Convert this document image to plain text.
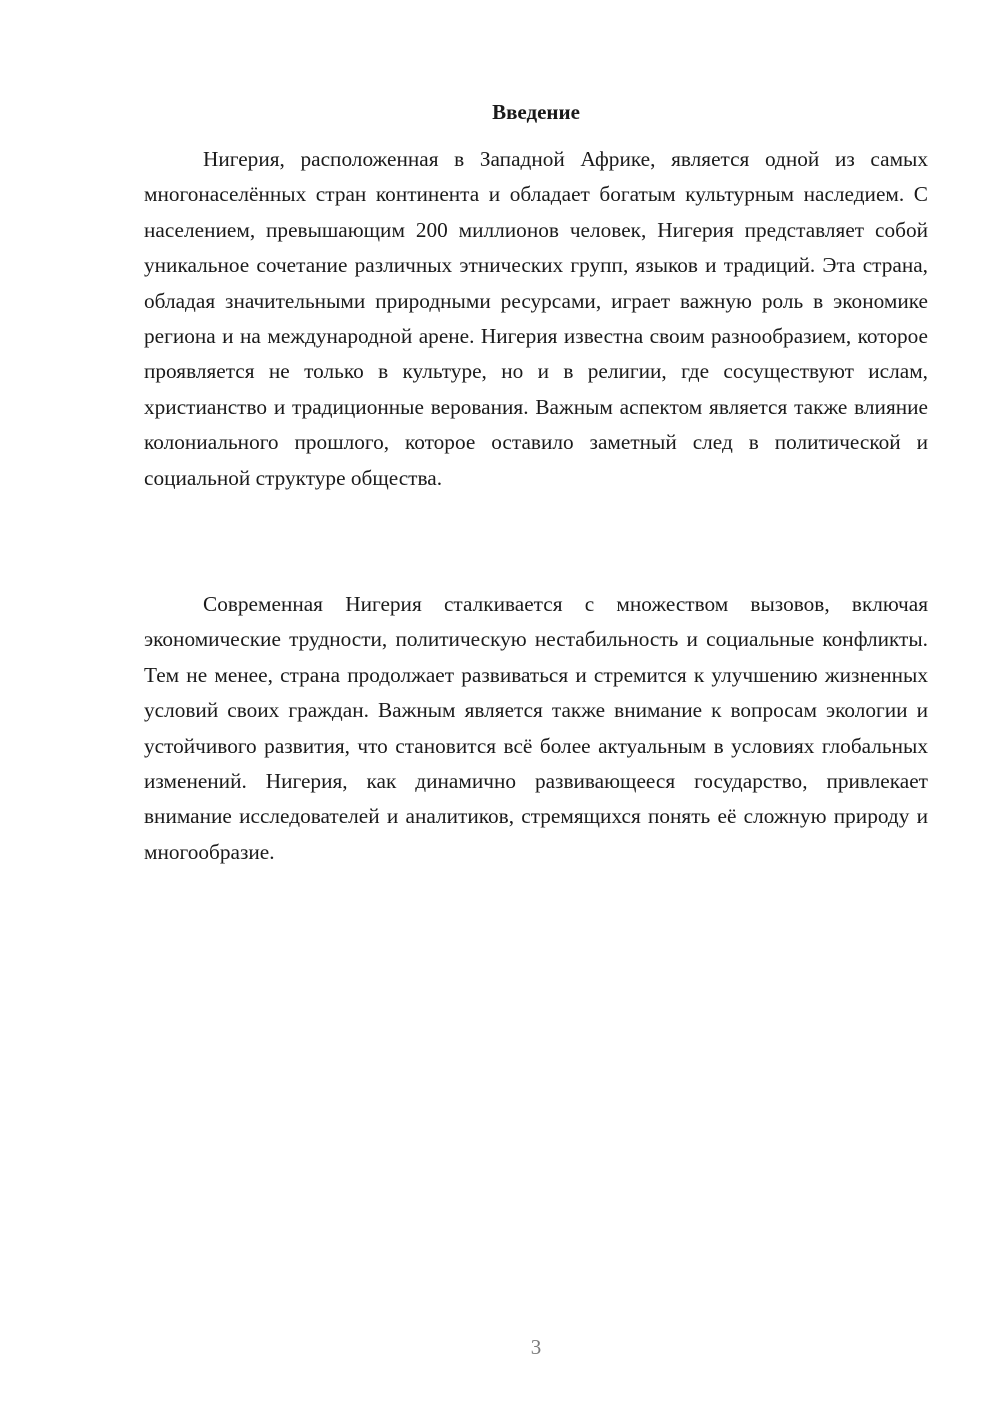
Введение

Нигерия, расположенная в Западной Африке, является одной из самых многонаселённых стран континента и обладает богатым культурным наследием. С населением, превышающим 200 миллионов человек, Нигерия представляет собой уникальное сочетание различных этнических групп, языков и традиций. Эта страна, обладая значительными природными ресурсами, играет важную роль в экономике региона и на международной арене. Нигерия известна своим разнообразием, которое проявляется не только в культуре, но и в религии, где сосуществуют ислам, христианство и традиционные верования. Важным аспектом является также влияние колониального прошлого, которое оставило заметный след в политической и социальной структуре общества.

Современная Нигерия сталкивается с множеством вызовов, включая экономические трудности, политическую нестабильность и социальные конфликты. Тем не менее, страна продолжает развиваться и стремится к улучшению жизненных условий своих граждан. Важным является также внимание к вопросам экологии и устойчивого развития, что становится всё более актуальным в условиях глобальных изменений. Нигерия, как динамично развивающееся государство, привлекает внимание исследователей и аналитиков, стремящихся понять её сложную природу и многообразие.

3
